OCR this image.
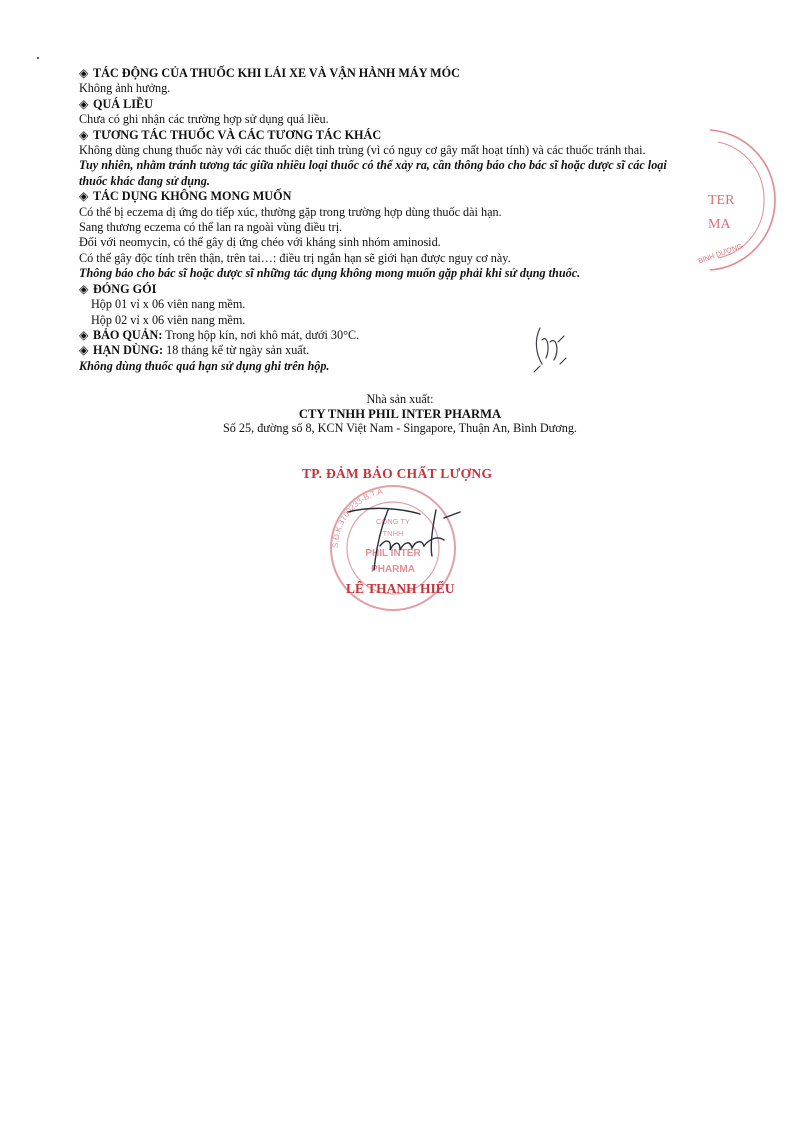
◈ TÁC ĐỘNG CỦA THUỐC KHI LÁI XE VÀ VẬN HÀNH MÁY MÓC
Không ảnh hưởng.
◈ QUÁ LIỀU
Chưa có ghi nhận các trường hợp sử dụng quá liều.
◈ TƯƠNG TÁC THUỐC VÀ CÁC TƯƠNG TÁC KHÁC
Không dùng chung thuốc này với các thuốc diệt tinh trùng (vì có nguy cơ gây mất hoạt tính) và các thuốc tránh thai.
Tuy nhiên, nhằm tránh tương tác giữa nhiều loại thuốc có thể xảy ra, cần thông báo cho bác sĩ hoặc dược sĩ các loại
thuốc khác đang sử dụng.
◈ TÁC DỤNG KHÔNG MONG MUỐN
Có thể bị eczema dị ứng do tiếp xúc, thường gặp trong trường hợp dùng thuốc dài hạn.
Sang thương eczema có thể lan ra ngoài vùng điều trị.
Đối với neomycin, có thể gây dị ứng chéo với kháng sinh nhóm aminosid.
Có thể gây độc tính trên thận, trên tai…: điều trị ngắn hạn sẽ giới hạn được nguy cơ này.
Thông báo cho bác sĩ hoặc dược sĩ những tác dụng không mong muốn gặp phải khi sử dụng thuốc.
◈ ĐÓNG GÓI
Hộp 01 vỉ x 06 viên nang mềm.
Hộp 02 vỉ x 06 viên nang mềm.
◈ BẢO QUẢN: Trong hộp kín, nơi khô mát, dưới 30°C.
◈ HẠN DÙNG: 18 tháng kể từ ngày sản xuất.
Không dùng thuốc quá hạn sử dụng ghi trên hộp.
Nhà sản xuất:
CTY TNHH PHIL INTER PHARMA
Số 25, đường số 8, KCN Việt Nam - Singapore, Thuận An, Bình Dương.
TER
MA
BÌNH DƯƠNG
TP. ĐẢM BẢO CHẤT LƯỢNG
S.Đ.K.3700233-B.T.A
CÔNG TY
TNHH
PHIL INTER
PHARMA
LÊ THANH HIẾU
